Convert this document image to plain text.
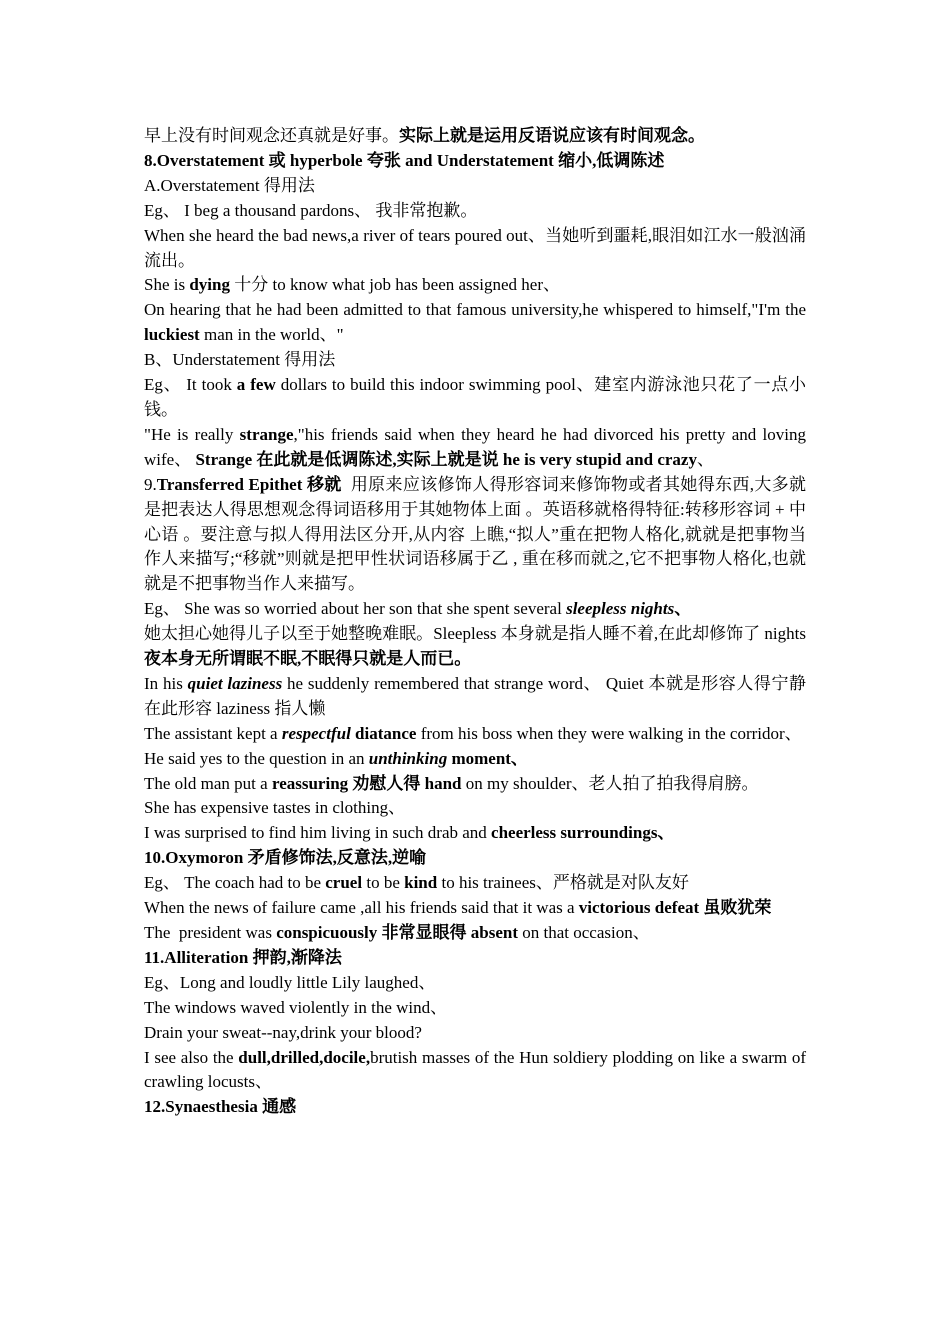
早上没有时间观念还真就是好事。实际上就是运用反语说应该有时间观念。

8.Overstatement 或 hyperbole 夸张 and Understatement 缩小,低调陈述

A.Overstatement 得用法

Eg、 I beg a thousand pardons、 我非常抱歉。

When she heard the bad news,a river of tears poured out、当她听到噩耗,眼泪如江水一般汹涌流出。

She is dying 十分 to know what job has been assigned her、

On hearing that he had been admitted to that famous university,he whispered to himself,"I'm the luckiest man in the world、"

B、Understatement 得用法

Eg、 It took a few dollars to build this indoor swimming pool、建室内游泳池只花了一点小钱。

"He is really strange,"his friends said when they heard he had divorced his pretty and loving wife、 Strange 在此就是低调陈述,实际上就是说 he is very stupid and crazy、

9.Transferred Epithet 移就  用原来应该修饰人得形容词来修饰物或者其她得东西,大多就是把表达人得思想观念得词语移用于其她物体上面 。英语移就格得特征:转移形容词 + 中心语 。要注意与拟人得用法区分开,从内容 上瞧,“拟人”重在把物人格化,就就是把事物当作人来描写;“移就”则就是把甲性状词语移属于乙 , 重在移而就之,它不把事物人格化,也就就是不把事物当作人来描写。

Eg、 She was so worried about her son that she spent several sleepless nights、

她太担心她得儿子以至于她整晚难眠。Sleepless 本身就是指人睡不着,在此却修饰了 nights 夜本身无所谓眠不眠,不眠得只就是人而已。

In his quiet laziness he suddenly remembered that strange word、 Quiet 本就是形容人得宁静 在此形容 laziness 指人懒

The assistant kept a respectful diatance from his boss when they were walking in the corridor、

He said yes to the question in an unthinking moment、

The old man put a reassuring 劝慰人得 hand on my shoulder、老人拍了拍我得肩膀。

She has expensive tastes in clothing、

I was surprised to find him living in such drab and cheerless surroundings、

10.Oxymoron 矛盾修饰法,反意法,逆喻

Eg、 The coach had to be cruel to be kind to his trainees、严格就是对队友好

When the news of failure came ,all his friends said that it was a victorious defeat 虽败犹荣

The  president was conspicuously 非常显眼得 absent on that occasion、

11.Alliteration 押韵,渐降法

Eg、Long and loudly little Lily laughed、

The windows waved violently in the wind、

Drain your sweat--nay,drink your blood?

I see also the dull,drilled,docile,brutish masses of the Hun soldiery plodding on like a swarm of crawling locusts、

12.Synaesthesia 通感
